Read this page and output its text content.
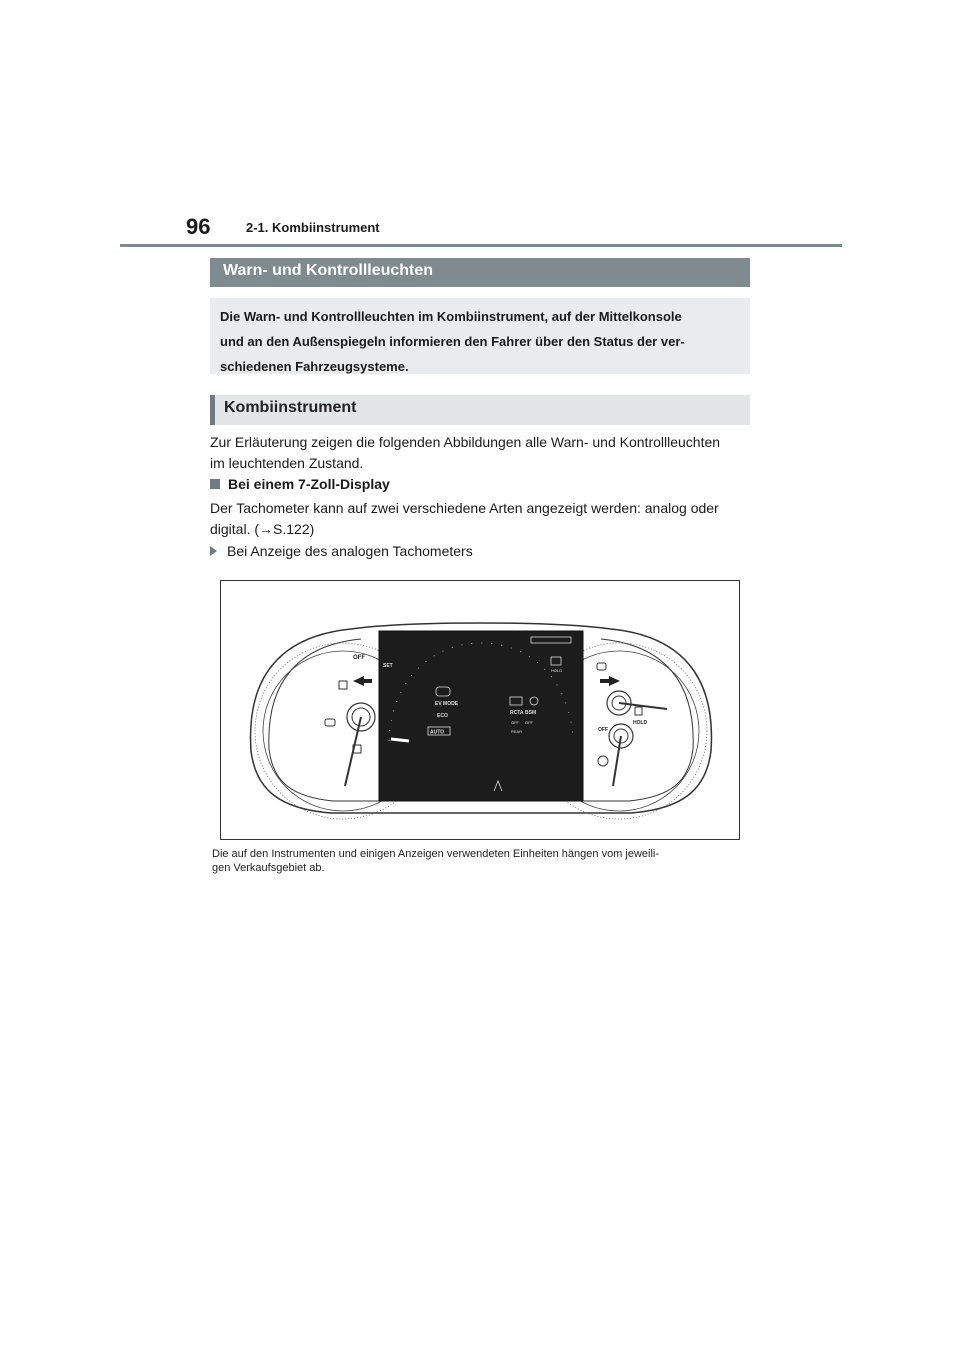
96	2-1. Kombiinstrument
Warn- und Kontrollleuchten
Die Warn- und Kontrollleuchten im Kombiinstrument, auf der Mittelkonsole
und an den Außenspiegeln informieren den Fahrer über den Status der ver-
schiedenen Fahrzeugsysteme.
Kombiinstrument
Zur Erläuterung zeigen die folgenden Abbildungen alle Warn- und Kontrollleuchten
im leuchtenden Zustand.
Bei einem 7-Zoll-Display
Der Tachometer kann auf zwei verschiedene Arten angezeigt werden: analog oder
digital. (→S.122)
Bei Anzeige des analogen Tachometers
OFF
SET
HOLD
EV MODE
ECO	RCTA BSM
OFF OFF
REAR	OFF
HOLD
AUTO
Die auf den Instrumenten und einigen Anzeigen verwendeten Einheiten hängen vom jeweili-
gen Verkaufsgebiet ab.
